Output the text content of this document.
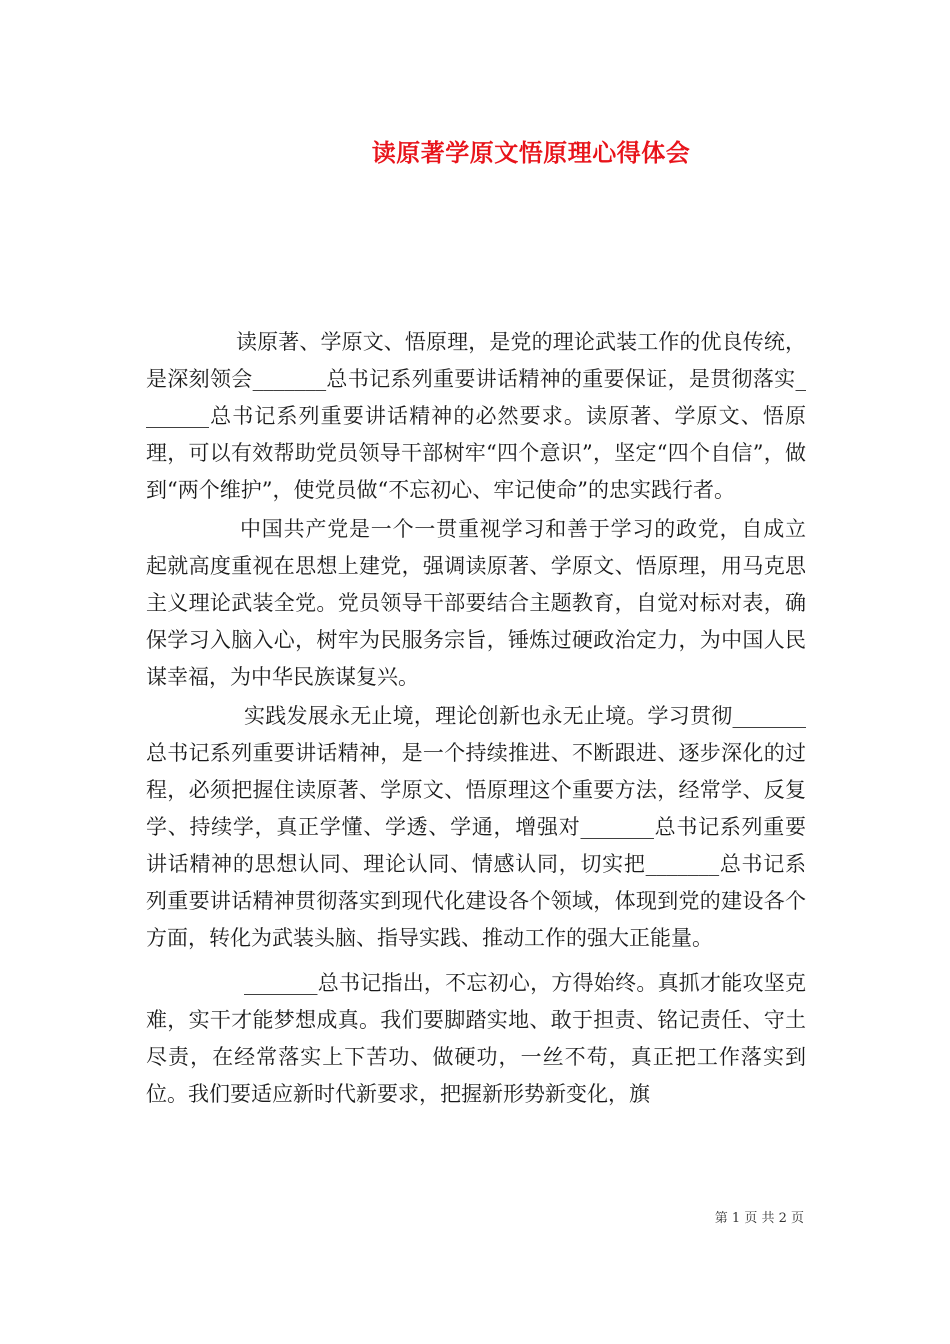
读原著学原文悟原理心得体会

读原著、学原文、悟原理，是党的理论武装工作的优良传统，是深刻领会_______总书记系列重要讲话精神的重要保证，是贯彻落实_______总书记系列重要讲话精神的必然要求。读原著、学原文、悟原理，可以有效帮助党员领导干部树牢“四个意识”，坚定“四个自信”，做到“两个维护”，使党员做“不忘初心、牢记使命”的忠实践行者。

中国共产党是一个一贯重视学习和善于学习的政党，自成立起就高度重视在思想上建党，强调读原著、学原文、悟原理，用马克思主义理论武装全党。党员领导干部要结合主题教育，自觉对标对表，确保学习入脑入心，树牢为民服务宗旨，锤炼过硬政治定力，为中国人民谋幸福，为中华民族谋复兴。

实践发展永无止境，理论创新也永无止境。学习贯彻_______总书记系列重要讲话精神，是一个持续推进、不断跟进、逐步深化的过程，必须把握住读原著、学原文、悟原理这个重要方法，经常学、反复学、持续学，真正学懂、学透、学通，增强对_______总书记系列重要讲话精神的思想认同、理论认同、情感认同，切实把_______总书记系列重要讲话精神贯彻落实到现代化建设各个领域，体现到党的建设各个方面，转化为武装头脑、指导实践、推动工作的强大正能量。

_______总书记指出，不忘初心，方得始终。真抓才能攻坚克难，实干才能梦想成真。我们要脚踏实地、敢于担责、铭记责任、守土尽责，在经常落实上下苦功、做硬功，一丝不苟，真正把工作落实到位。我们要适应新时代新要求，把握新形势新变化，旗

第 1 页 共 2 页
